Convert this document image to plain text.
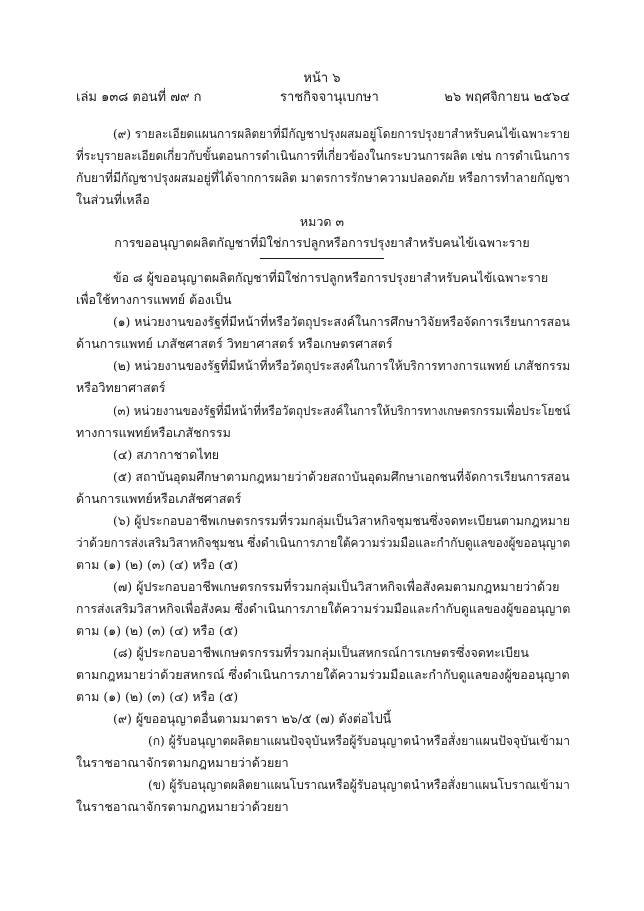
หน้า ๖
เล่ม ๑๓๘ ตอนที่ ๗๙ ก	ราชกิจจานุเบกษา	๒๖ พฤศจิกายน ๒๕๖๔
(๙) รายละเอียดแผนการผลิตยาที่มีกัญชาปรุงผสมอยู่โดยการปรุงยาสำหรับคนไข้เฉพาะราย
ที่ระบุรายละเอียดเกี่ยวกับขั้นตอนการดำเนินการที่เกี่ยวข้องในกระบวนการผลิต เช่น การดำเนินการ
กับยาที่มีกัญชาปรุงผสมอยู่ที่ได้จากการผลิต มาตรการรักษาความปลอดภัย หรือการทำลายกัญชา
ในส่วนที่เหลือ
หมวด ๓
การขออนุญาตผลิตกัญชาที่มิใช่การปลูกหรือการปรุงยาสำหรับคนไข้เฉพาะราย
ข้อ ๘ ผู้ขออนุญาตผลิตกัญชาที่มิใช่การปลูกหรือการปรุงยาสำหรับคนไข้เฉพาะราย
เพื่อใช้ทางการแพทย์ ต้องเป็น
(๑) หน่วยงานของรัฐที่มีหน้าที่หรือวัตถุประสงค์ในการศึกษาวิจัยหรือจัดการเรียนการสอน
ด้านการแพทย์ เภสัชศาสตร์ วิทยาศาสตร์ หรือเกษตรศาสตร์
(๒) หน่วยงานของรัฐที่มีหน้าที่หรือวัตถุประสงค์ในการให้บริการทางการแพทย์ เภสัชกรรม
หรือวิทยาศาสตร์
(๓) หน่วยงานของรัฐที่มีหน้าที่หรือวัตถุประสงค์ในการให้บริการทางเกษตรกรรมเพื่อประโยชน์
ทางการแพทย์หรือเภสัชกรรม
(๔) สภากาชาดไทย
(๕) สถาบันอุดมศึกษาตามกฎหมายว่าด้วยสถาบันอุดมศึกษาเอกชนที่จัดการเรียนการสอน
ด้านการแพทย์หรือเภสัชศาสตร์
(๖) ผู้ประกอบอาชีพเกษตรกรรมที่รวมกลุ่มเป็นวิสาหกิจชุมชนซึ่งจดทะเบียนตามกฎหมาย
ว่าด้วยการส่งเสริมวิสาหกิจชุมชน ซึ่งดำเนินการภายใต้ความร่วมมือและกำกับดูแลของผู้ขออนุญาต
ตาม (๑) (๒) (๓) (๔) หรือ (๕)
(๗) ผู้ประกอบอาชีพเกษตรกรรมที่รวมกลุ่มเป็นวิสาหกิจเพื่อสังคมตามกฎหมายว่าด้วย
การส่งเสริมวิสาหกิจเพื่อสังคม ซึ่งดำเนินการภายใต้ความร่วมมือและกำกับดูแลของผู้ขออนุญาต
ตาม (๑) (๒) (๓) (๔) หรือ (๕)
(๘) ผู้ประกอบอาชีพเกษตรกรรมที่รวมกลุ่มเป็นสหกรณ์การเกษตรซึ่งจดทะเบียน
ตามกฎหมายว่าด้วยสหกรณ์ ซึ่งดำเนินการภายใต้ความร่วมมือและกำกับดูแลของผู้ขออนุญาต
ตาม (๑) (๒) (๓) (๔) หรือ (๕)
(๙) ผู้ขออนุญาตอื่นตามมาตรา ๒๖/๕ (๗) ดังต่อไปนี้
(ก) ผู้รับอนุญาตผลิตยาแผนปัจจุบันหรือผู้รับอนุญาตนำหรือสั่งยาแผนปัจจุบันเข้ามา
ในราชอาณาจักรตามกฎหมายว่าด้วยยา
(ข) ผู้รับอนุญาตผลิตยาแผนโบราณหรือผู้รับอนุญาตนำหรือสั่งยาแผนโบราณเข้ามา
ในราชอาณาจักรตามกฎหมายว่าด้วยยา
